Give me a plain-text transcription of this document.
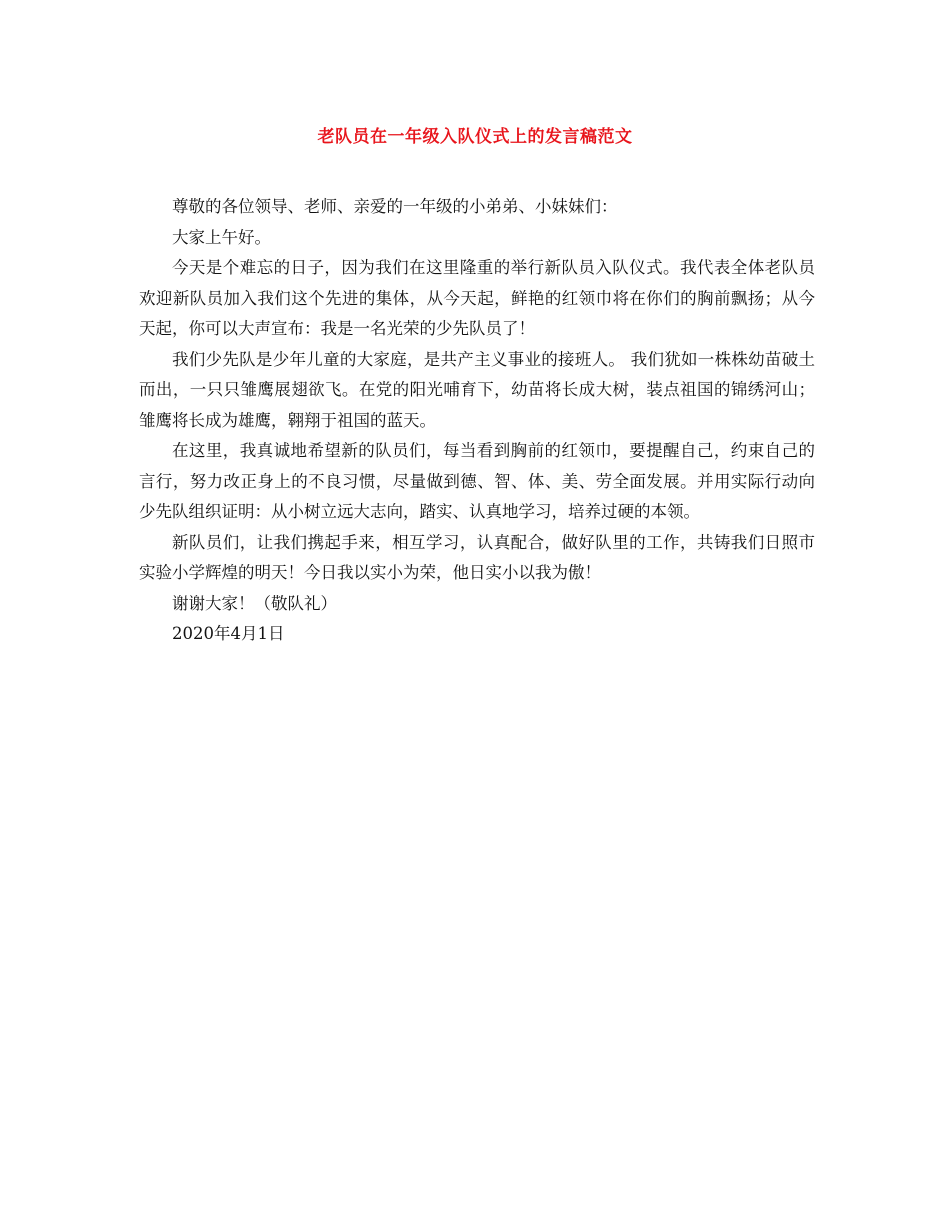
老队员在一年级入队仪式上的发言稿范文

尊敬的各位领导、老师、亲爱的一年级的小弟弟、小妹妹们：

大家上午好。

今天是个难忘的日子，因为我们在这里隆重的举行新队员入队仪式。我代表全体老队员欢迎新队员加入我们这个先进的集体，从今天起，鲜艳的红领巾将在你们的胸前飘扬；从今天起，你可以大声宣布：我是一名光荣的少先队员了！

我们少先队是少年儿童的大家庭，是共产主义事业的接班人。 我们犹如一株株幼苗破土而出，一只只雏鹰展翅欲飞。在党的阳光哺育下，幼苗将长成大树，装点祖国的锦绣河山；雏鹰将长成为雄鹰，翱翔于祖国的蓝天。

在这里，我真诚地希望新的队员们，每当看到胸前的红领巾，要提醒自己，约束自己的言行，努力改正身上的不良习惯，尽量做到德、智、体、美、劳全面发展。并用实际行动向少先队组织证明：从小树立远大志向，踏实、认真地学习，培养过硬的本领。

新队员们，让我们携起手来，相互学习，认真配合，做好队里的工作，共铸我们日照市实验小学辉煌的明天！今日我以实小为荣，他日实小以我为傲！

谢谢大家！（敬队礼）

2020年4月1日
